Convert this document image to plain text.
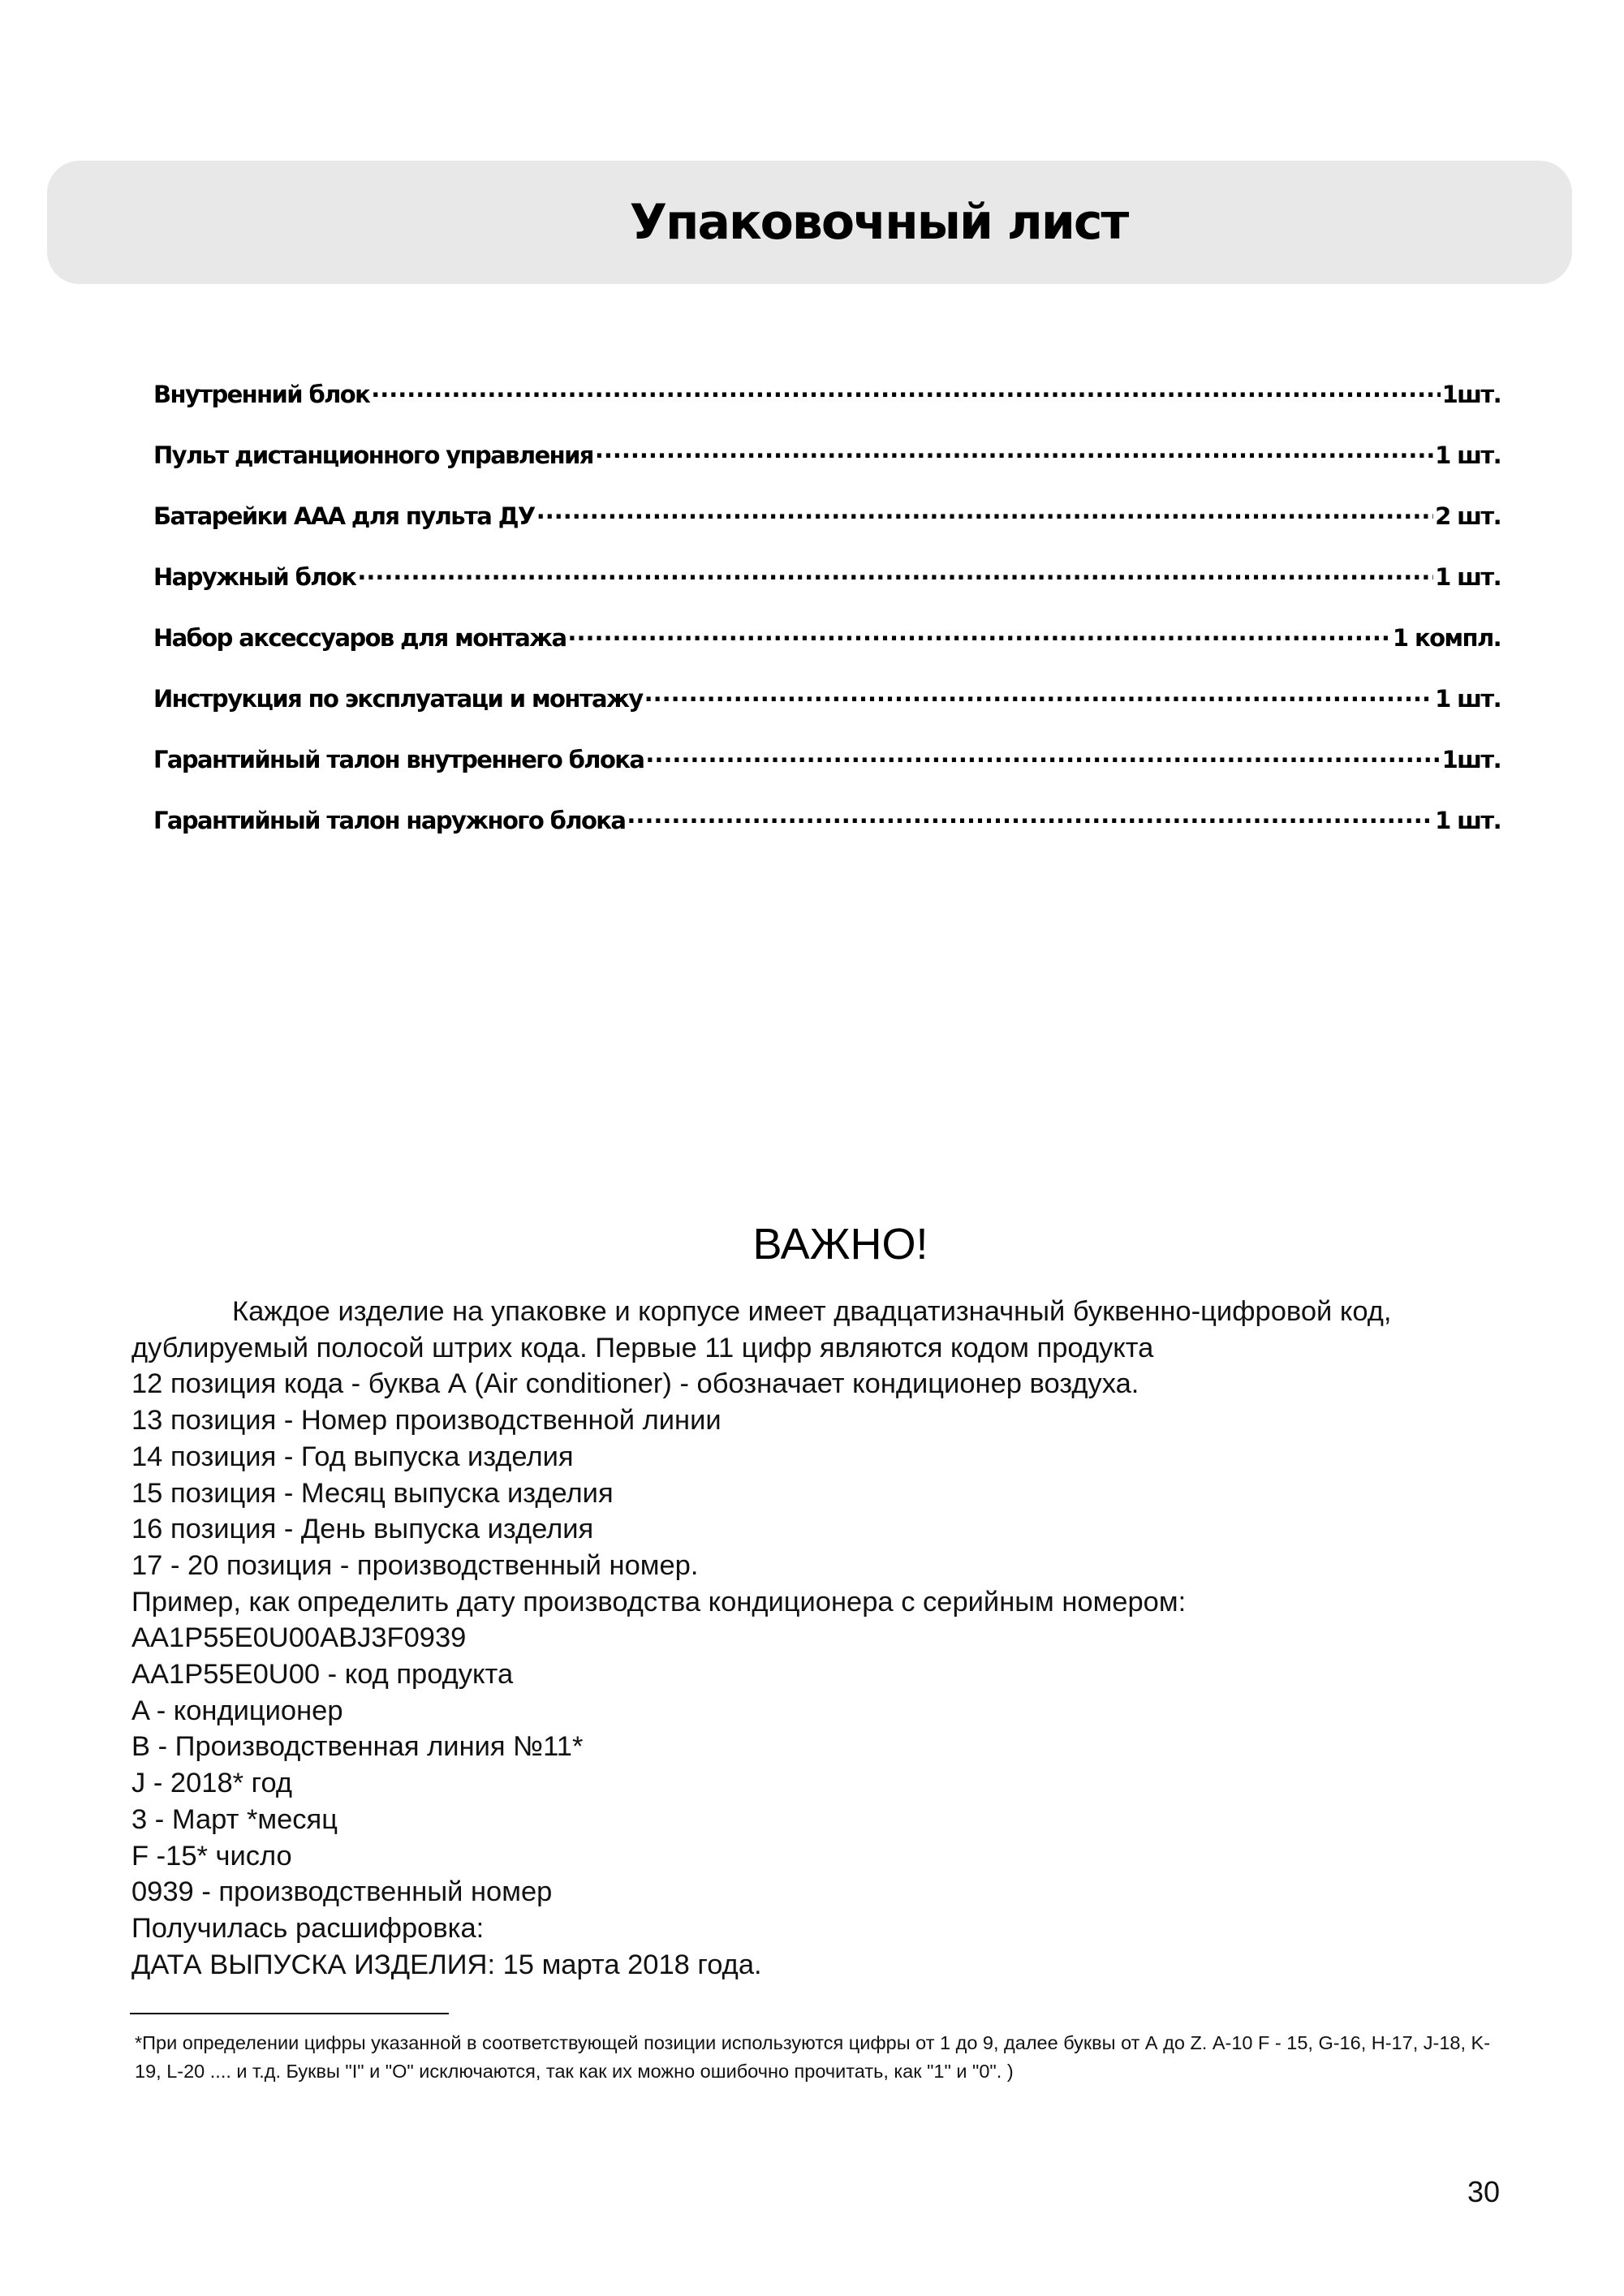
Упаковочный лист
Внутренний блок .....	1шт.
Пульт дистанционного управления .....	1 шт.
Батарейки ААА для пульта ДУ .....	2 шт.
Наружный блок .....	1 шт.
Набор аксессуаров для монтажа .....	1 компл.
Инструкция по эксплуатаци и монтажу .....	1 шт.
Гарантийный талон внутреннего блока .....	1шт.
Гарантийный талон наружного блока .....	1 шт.
ВАЖНО!
Каждое изделие на упаковке и корпусе имеет двадцатизначный буквенно-цифровой код, дублируемый полосой штрих кода. Первые 11 цифр являются кодом продукта
12 позиция кода - буква А (Air conditioner) - обозначает кондиционер воздуха.
13 позиция - Номер производственной линии
14 позиция - Год выпуска изделия
15 позиция - Месяц выпуска изделия
16 позиция - День выпуска изделия
17 - 20 позиция - производственный номер.
Пример, как определить дату производства кондиционера с серийным номером:
AA1P55E0U00ABJ3F0939
AA1P55E0U00 - код продукта
A - кондиционер
B - Производственная линия №11*
J - 2018* год
3 - Март *месяц
F -15* число
0939 - производственный номер
Получилась расшифровка:
ДАТА ВЫПУСКА ИЗДЕЛИЯ: 15 марта 2018 года.
*При определении цифры указанной в соответствующей позиции используются цифры от 1 до 9, далее буквы от А до Z. А-10 F - 15, G-16, H-17, J-18, K-19, L-20 .... и т.д. Буквы "I" и "O" исключаются, так как их можно ошибочно прочитать, как "1" и "0". )
30
